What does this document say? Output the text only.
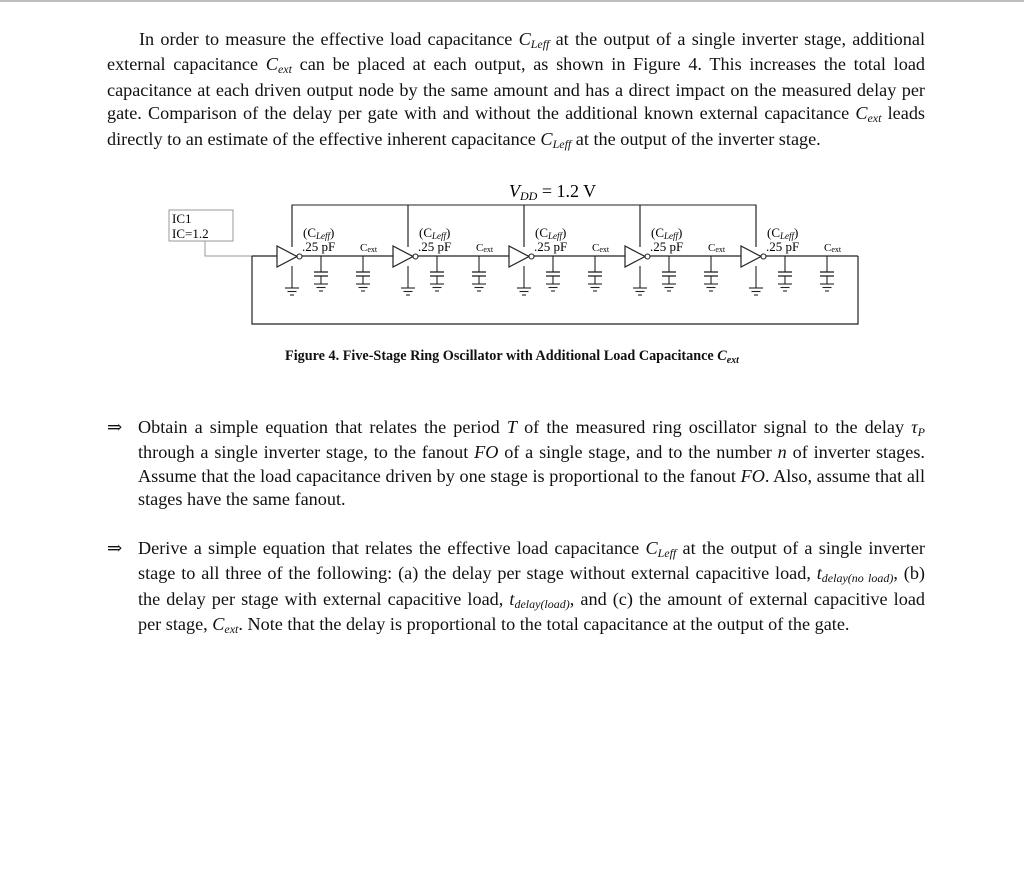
In order to measure the effective load capacitance CLeff at the output of a single inverter stage, additional external capacitance Cext can be placed at each output, as shown in Figure 4. This increases the total load capacitance at each driven output node by the same amount and has a direct impact on the measured delay per gate. Comparison of the delay per gate with and without the additional known external capacitance Cext leads directly to an estimate of the effective inherent capacitance CLeff at the output of the inverter stage.

VDD = 1.2 V
IC1
IC=1.2	(CLeff)
.25 pF Cext
(CLeff)
.25 pF Cext
(CLeff)
.25 pF Cext
(CLeff)
.25 pF Cext
(CLeff)
.25 pF Cext
Figure 4. Five-Stage Ring Oscillator with Additional Load Capacitance $C_{ext}$
⇒ Obtain a simple equation that relates the period T of the measured ring oscillator signal to the delay τP through a single inverter stage, to the fanout FO of a single stage, and to the number n of inverter stages. Assume that the load capacitance driven by one stage is proportional to the fanout FO. Also, assume that all stages have the same fanout.

⇒ Derive a simple equation that relates the effective load capacitance CLeff at the output of a single inverter stage to all three of the following: (a) the delay per stage without external capacitive load, tdelay(no load), (b) the delay per stage with external capacitive load, tdelay(load), and (c) the amount of external capacitive load per stage, Cext. Note that the delay is proportional to the total capacitance at the output of the gate.
